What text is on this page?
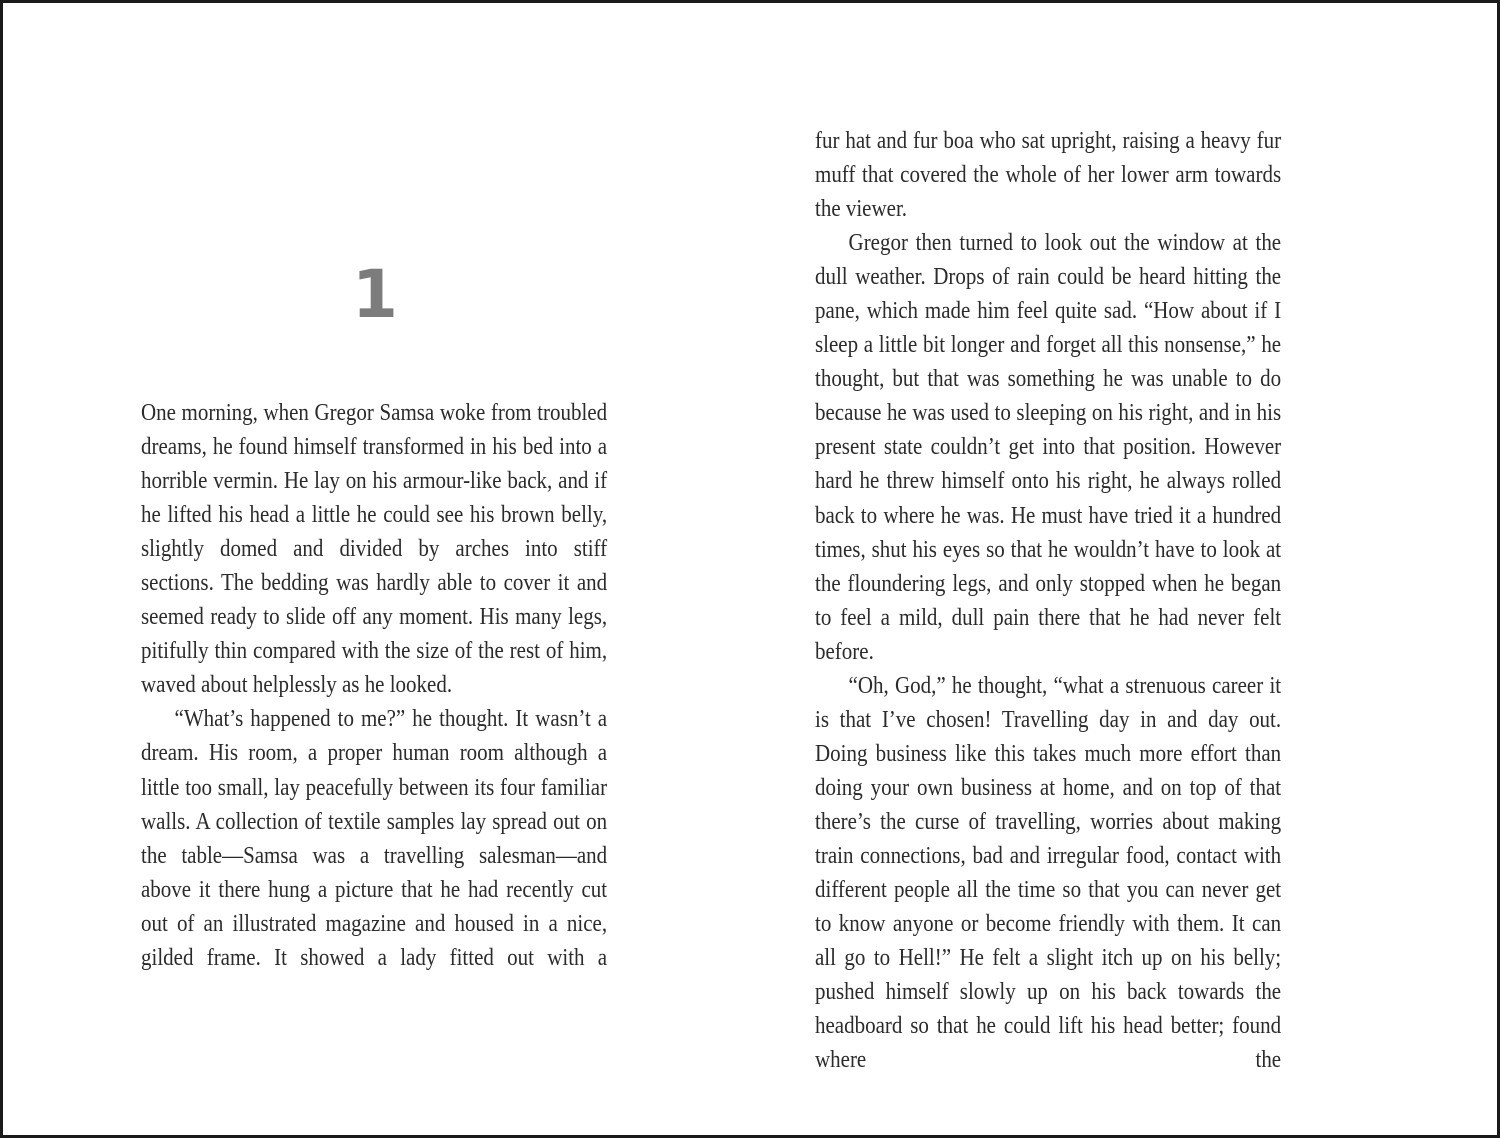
1

One morning, when Gregor Samsa woke from troubled dreams, he found himself transformed in his bed into a horrible vermin. He lay on his armour-like back, and if he lifted his head a little he could see his brown belly, slightly domed and divided by arches into stiff sections. The bedding was hardly able to cover it and seemed ready to slide off any moment. His many legs, pitifully thin compared with the size of the rest of him, waved about helplessly as he looked.

“What’s happened to me?” he thought. It wasn’t a dream. His room, a proper human room although a little too small, lay peacefully between its four familiar walls. A collection of textile samples lay spread out on the table—Samsa was a travelling salesman—and above it there hung a picture that he had recently cut out of an illustrated magazine and housed in a nice, gilded frame. It showed a lady fitted out with a

fur hat and fur boa who sat upright, raising a heavy fur muff that covered the whole of her lower arm towards the viewer.

Gregor then turned to look out the window at the dull weather. Drops of rain could be heard hitting the pane, which made him feel quite sad. “How about if I sleep a little bit longer and forget all this nonsense,” he thought, but that was something he was unable to do because he was used to sleeping on his right, and in his present state couldn’t get into that position. However hard he threw himself onto his right, he always rolled back to where he was. He must have tried it a hundred times, shut his eyes so that he wouldn’t have to look at the floundering legs, and only stopped when he began to feel a mild, dull pain there that he had never felt before.

“Oh, God,” he thought, “what a strenuous career it is that I’ve chosen! Travelling day in and day out. Doing business like this takes much more effort than doing your own business at home, and on top of that there’s the curse of travelling, worries about making train connections, bad and irregular food, contact with different people all the time so that you can never get to know anyone or become friendly with them. It can all go to Hell!” He felt a slight itch up on his belly; pushed himself slowly up on his back towards the headboard so that he could lift his head better; found where the
